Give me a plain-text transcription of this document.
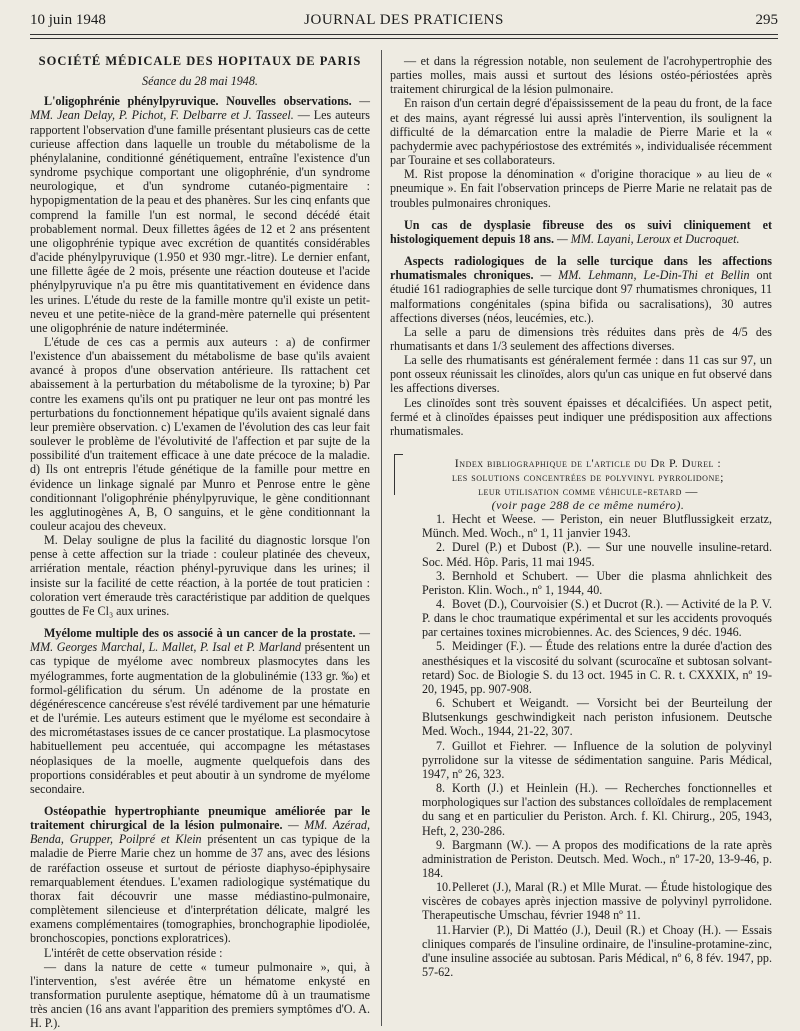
10 juin 1948	JOURNAL DES PRATICIENS	295
SOCIÉTÉ MÉDICALE DES HOPITAUX DE PARIS
Séance du 28 mai 1948.

L'oligophrénie phénylpyruvique. Nouvelles observations. — MM. Jean Delay, P. Pichot, F. Delbarre et J. Tasseel. — Les auteurs rapportent l'observation d'une famille présentant plusieurs cas de cette curieuse affection dans laquelle un trouble du métabolisme de la phénylalanine, conditionné génétiquement, entraîne l'existence d'un syndrome psychique comportant une oligophrénie, d'un syndrome neurologique, et d'un syndrome cutanéo-pigmentaire : hypopigmentation de la peau et des phanères. Sur les cinq enfants que comprend la famille l'un est normal, le second décédé était probablement normal. Deux fillettes âgées de 12 et 2 ans présentent une oligophrénie typique avec excrétion de quantités considérables d'acide phénylpyruvique (1.950 et 930 mgr.-litre). Le dernier enfant, une fillette âgée de 2 mois, présente une réaction douteuse et l'acide phénylpyruvique n'a pu être mis quantitativement en évidence dans les urines. L'étude du reste de la famille montre qu'il existe un petit-neveu et une petite-nièce de la grand-mère paternelle qui présentent une oligophrénie de nature indéterminée.

L'étude de ces cas a permis aux auteurs : a) de confirmer l'existence d'un abaissement du métabolisme de base qu'ils avaient avancé à propos d'une observation antérieure. Ils rattachent cet abaissement à la perturbation du métabolisme de la tyroxine; b) Par contre les examens qu'ils ont pu pratiquer ne leur ont pas montré les perturbations du fonctionnement hépatique qu'ils avaient signalé dans leur première observation. c) L'examen de l'évolution des cas leur fait soulever le problème de l'évolutivité de l'affection et par sujte de la possibilité d'un traitement efficace à une date précoce de la maladie. d) Ils ont entrepris l'étude génétique de la famille pour mettre en évidence un linkage signalé par Munro et Penrose entre le gène conditionnant l'oligophrénie phénylpyruvique, le gène conditionnant les agglutinogènes A, B, O sanguins, et le gène conditionnant la couleur acajou des cheveux.

M. Delay souligne de plus la facilité du diagnostic lorsque l'on pense à cette affection sur la triade : couleur platinée des cheveux, arriération mentale, réaction phényl-pyruvique dans les urines; il insiste sur la facilité de cette réaction, à la portée de tout praticien : coloration vert émeraude très caractéristique par addition de quelques gouttes de Fe Cl₃ aux urines.

Myélome multiple des os associé à un cancer de la prostate. — MM. Georges Marchal, L. Mallet, P. Isal et P. Marland présentent un cas typique de myélome avec nombreux plasmocytes dans les myélogrammes, forte augmentation de la globulinémie (133 gr. ‰) et formol-gélification du sérum. Un adénome de la prostate en dégénérescence cancéreuse s'est révélé tardivement par une hématurie et de l'urémie. Les auteurs estiment que le myélome est secondaire à des micrométastases issues de ce cancer prostatique. La plasmocytose habituellement peu accentuée, qui accompagne les métastases néoplasiques de la moelle, augmente quelquefois dans des proportions considérables et peut aboutir à un syndrome de myélome secondaire.

Ostéopathie hypertrophiante pneumique améliorée par le traitement chirurgical de la lésion pulmonaire. — MM. Azérad, Benda, Grupper, Poilpré et Klein présentent un cas typique de la maladie de Pierre Marie chez un homme de 37 ans, avec des lésions de raréfaction osseuse et surtout de périoste diaphyso-épiphysaire remarquablement étendues. L'examen radiologique systématique du thorax fait découvrir une masse médiastino-pulmonaire, complètement silencieuse et d'interprétation délicate, malgré les examens complémentaires (tomographies, bronchographie lipodiolée, bronchoscopies, ponctions exploratrices).

L'intérêt de cette observation réside :

— dans la nature de cette « tumeur pulmonaire », qui, à l'intervention, s'est avérée être un hématome enkysté en transformation purulente aseptique, hématome dû à un traumatisme très ancien (16 ans avant l'apparition des premiers symptômes d'O. A. H. P.).

— et dans la régression notable, non seulement de l'acrohypertrophie des parties molles, mais aussi et surtout des lésions ostéo-périostées après traitement chirurgical de la lésion pulmonaire.

En raison d'un certain degré d'épaississement de la peau du front, de la face et des mains, ayant régressé lui aussi après l'intervention, ils soulignent la difficulté de la démarcation entre la maladie de Pierre Marie et la « pachydermie avec pachypériostose des extrémités », individualisée récemment par Touraine et ses collaborateurs.

M. Rist propose la dénomination « d'origine thoracique » au lieu de « pneumique ». En fait l'observation princeps de Pierre Marie ne relatait pas de troubles pulmonaires chroniques.

Un cas de dysplasie fibreuse des os suivi cliniquement et histologiquement depuis 18 ans. — MM. Layani, Leroux et Ducroquet.

Aspects radiologiques de la selle turcique dans les affections rhumatismales chroniques. — MM. Lehmann, Le-Din-Thi et Bellin ont étudié 161 radiographies de selle turcique dont 97 rhumatismes chroniques, 11 malformations congénitales (spina bifida ou sacralisations), 30 autres affections diverses (néos, leucémies, etc.).

La selle a paru de dimensions très réduites dans près de 4/5 des rhumatisants et dans 1/3 seulement des affections diverses.

La selle des rhumatisants est généralement fermée : dans 11 cas sur 97, un pont osseux réunissait les clinoïdes, alors qu'un cas unique en fut observé dans les affections diverses.

Les clinoïdes sont très souvent épaisses et décalcifiées. Un aspect petit, fermé et à clinoïdes épaisses peut indiquer une prédisposition aux affections rhumatismales.

Index bibliographique de l'article du Dr P. Durel :
les solutions concentrées de polyvinyl pyrrolidone;
leur utilisation comme véhicule-retard —
(voir page 288 de ce même numéro).

1. Hecht et Weese. — Periston, ein neuer Blutflussigkeit erzatz, Münch. Med. Woch., nº 1, 11 janvier 1943.

2. Durel (P.) et Dubost (P.). — Sur une nouvelle insuline-retard. Soc. Méd. Hôp. Paris, 11 mai 1945.

3. Bernhold et Schubert. — Uber die plasma ahnlichkeit des Periston. Klin. Woch., nº 1, 1944, 40.

4. Bovet (D.), Courvoisier (S.) et Ducrot (R.). — Activité de la P. V. P. dans le choc traumatique expérimental et sur les accidents provoqués par certaines toxines microbiennes. Ac. des Sciences, 9 déc. 1946.

5. Meidinger (F.). — Étude des relations entre la durée d'action des anesthésiques et la viscosité du solvant (scurocaïne et subtosan solvant-retard) Soc. de Biologie S. du 13 oct. 1945 in C. R. t. CXXXIX, nº 19-20, 1945, pp. 907-908.

6. Schubert et Weigandt. — Vorsicht bei der Beurteilung der Blutsenkungs geschwindigkeit nach periston infusionem. Deutsche Med. Woch., 1944, 21-22, 307.

7. Guillot et Fiehrer. — Influence de la solution de polyvinyl pyrrolidone sur la vitesse de sédimentation sanguine. Paris Médical, 1947, nº 26, 323.

8. Korth (J.) et Heinlein (H.). — Recherches fonctionnelles et morphologiques sur l'action des substances colloïdales de remplacement du sang et en particulier du Periston. Arch. f. Kl. Chirurg., 205, 1943, Heft, 2, 230-286.

9. Bargmann (W.). — A propos des modifications de la rate après administration de Periston. Deutsch. Med. Woch., nº 17-20, 13-9-46, p. 184.

10.Pelleret (J.), Maral (R.) et Mlle Murat. — Étude histologique des viscères de cobayes après injection massive de polyvinyl pyrrolidone. Therapeutische Umschau, février 1948 nº 11.

11.Harvier (P.), Di Mattéo (J.), Deuil (R.) et Choay (H.). — Essais cliniques comparés de l'insuline ordinaire, de l'insuline-protamine-zinc, d'une insuline associée au subtosan. Paris Médical, nº 6, 8 fév. 1947, pp. 57-62.
